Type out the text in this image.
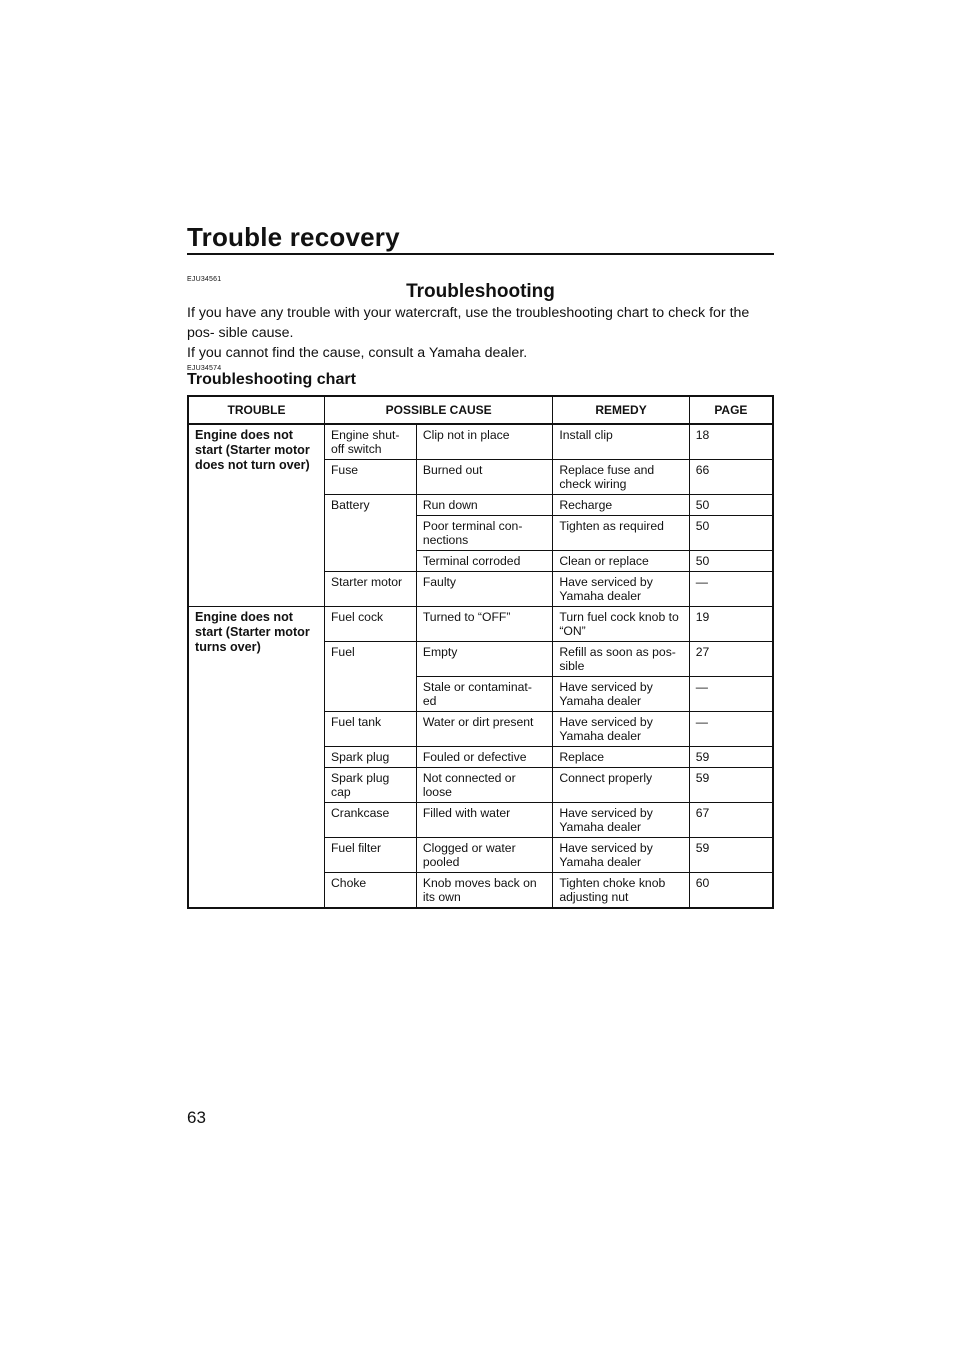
Trouble recovery
EJU34561
Troubleshooting

If you have any trouble with your watercraft, use the troubleshooting chart to check for the pos- sible cause.

If you cannot find the cause, consult a Yamaha dealer.

EJU34574
Troubleshooting chart
TROUBLE	POSSIBLE CAUSE		REMEDY	PAGE
Engine does not start (Starter motor does not turn over)	Engine shut- off switch	Clip not in place	Install clip	18
	Fuse	Burned out	Replace fuse and check wiring	66
	Battery	Run down	Recharge	50
		Poor terminal con- nections	Tighten as required	50
		Terminal corroded	Clean or replace	50
	Starter motor	Faulty	Have serviced by Yamaha dealer	—
Engine does not start (Starter motor turns over)	Fuel cock	Turned to “OFF”	Turn fuel cock knob to “ON”	19
	Fuel	Empty	Refill as soon as pos- sible	27
		Stale or contaminat- ed	Have serviced by Yamaha dealer	—
	Fuel tank	Water or dirt present	Have serviced by Yamaha dealer	—
	Spark plug	Fouled or defective	Replace	59
	Spark plug cap	Not connected or loose	Connect properly	59
	Crankcase	Filled with water	Have serviced by Yamaha dealer	67
	Fuel filter	Clogged or water pooled	Have serviced by Yamaha dealer	59
	Choke	Knob moves back on its own	Tighten choke knob adjusting nut	60
63
